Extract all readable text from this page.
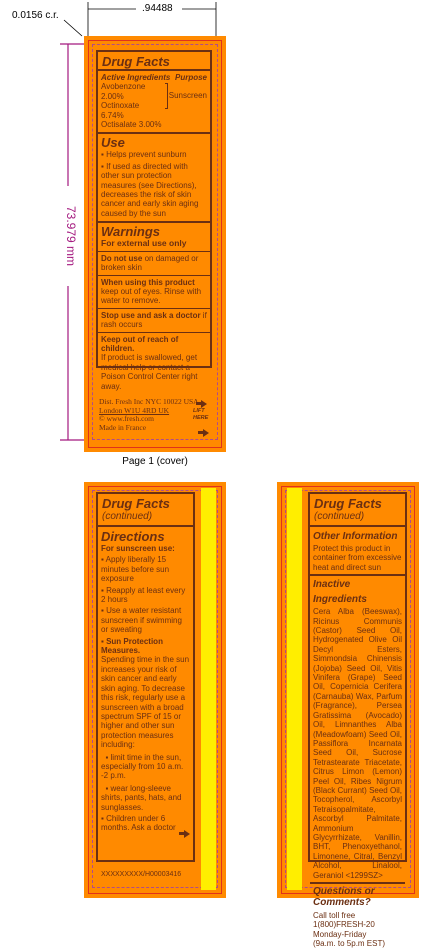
0.0156 c.r.
.94488
73.979 mm
Drug Facts
Active Ingredients Purpose
Avobenzone 2.00%
Octinoxate 6.74%
Octisalate 3.00%
Sunscreen
Use
▪ Helps prevent sunburn
▪ If used as directed with other sun protection measures (see Directions), decreases the risk of skin cancer and early skin aging caused by the sun
Warnings
For external use only
Do not use on damaged or broken skin
When using this product keep out of eyes. Rinse with water to remove.
Stop use and ask a doctor if rash occurs
Keep out of reach of children.
If product is swallowed, get medical help or contact a Poison Control Center right away.
Dist. Fresh Inc NYC 10022 USA
London W1U 4RD UK
© www.fresh.com
Made in France
LIFT HERE
Page 1 (cover)
Drug Facts
(continued)
Directions
For sunscreen use:
▪ Apply liberally 15 minutes before sun exposure
▪ Reapply at least every 2 hours
▪ Use a water resistant sunscreen if swimming or sweating
▪ Sun Protection Measures.
Spending time in the sun increases your risk of skin cancer and early skin aging. To decrease this risk, regularly use a sunscreen with a broad spectrum SPF of 15 or higher and other sun protection measures including:
▪ limit time in the sun, especially from 10 a.m. -2 p.m.
▪ wear long-sleeve shirts, pants, hats, and sunglasses.
▪ Children under 6 months. Ask a doctor
XXXXXXXXX/H00003416
Drug Facts
(continued)
Other Information
Protect this product in container from excessive heat and direct sun
Inactive Ingredients
Cera Alba (Beeswax), Ricinus Communis (Castor) Seed Oil, Hydrogenated Olive Oil Decyl Esters, Simmondsia Chinensis (Jojoba) Seed Oil, Vitis Vinifera (Grape) Seed Oil, Copernicia Cerifera (Carnauba) Wax, Parfum (Fragrance), Persea Gratissima (Avocado) Oil, Limnanthes Alba (Meadowfoam) Seed Oil, Passiflora Incarnata Seed Oil, Sucrose Tetrastearate Triacetate, Citrus Limon (Lemon) Peel Oil, Ribes Nigrum (Black Currant) Seed Oil, Tocopherol, Ascorbyl Tetraisopalmitate, Ascorbyl Palmitate, Ammonium Glycyrrhizate, Vanillin, BHT, Phenoxyethanol, Limonene, Citral, Benzyl Alcohol, Linalool, Geraniol <1299SZ>
Questions or Comments?
Call toll free
1(800)FRESH-20
Monday-Friday
(9a.m. to 5p.m EST)
